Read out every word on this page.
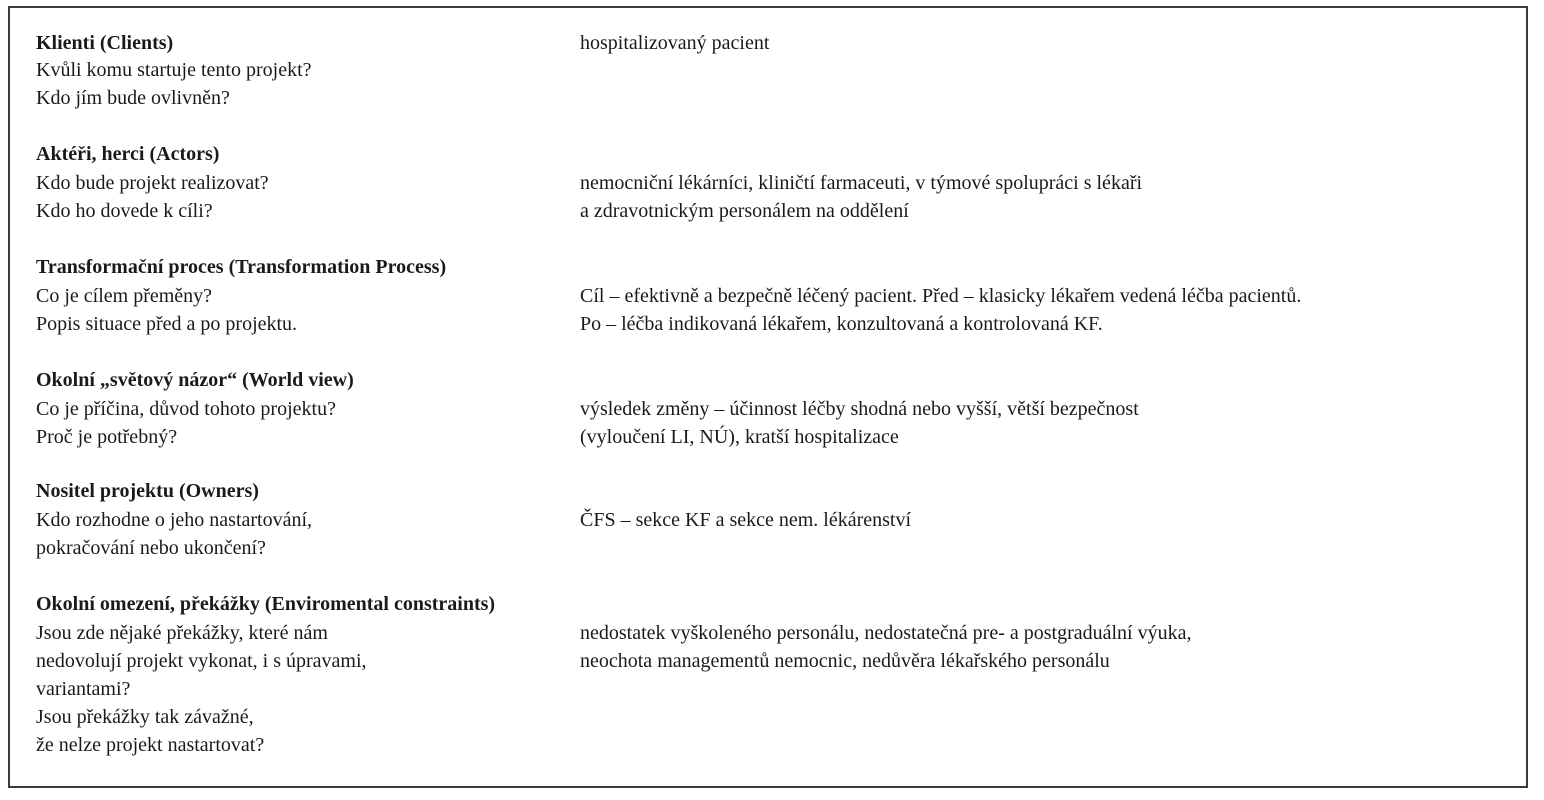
Klienti (Clients)
Kvůli komu startuje tento projekt?
Kdo jím bude ovlivněn?
hospitalizovaný pacient
Aktéři, herci (Actors)
Kdo bude projekt realizovat?
Kdo ho dovede k cíli?
nemocniční lékárníci, kliničtí farmaceuti, v týmové spolupráci s lékaři
a zdravotnickým personálem na oddělení
Transformační proces (Transformation Process)
Co je cílem přeměny?
Popis situace před a po projektu.
Cíl – efektivně a bezpečně léčený pacient. Před – klasicky lékařem vedená léčba pacientů.
Po – léčba indikovaná lékařem, konzultovaná a kontrolovaná KF.
Okolní „světový názor“ (World view)
Co je příčina, důvod tohoto projektu?
Proč je potřebný?
výsledek změny – účinnost léčby shodná nebo vyšší, větší bezpečnost
(vyloučení LI, NÚ), kratší hospitalizace
Nositel projektu (Owners)
Kdo rozhodne o jeho nastartování,
pokračování nebo ukončení?
ČFS – sekce KF a sekce nem. lékárenství
Okolní omezení, překážky (Enviromental constraints)
Jsou zde nějaké překážky, které nám
nedovolují projekt vykonat, i s úpravami,
variantami?
Jsou překážky tak závažné,
že nelze projekt nastartovat?
nedostatek vyškoleného personálu, nedostatečná pre- a postgraduální výuka,
neochota managementů nemocnic, nedůvěra lékařského personálu
